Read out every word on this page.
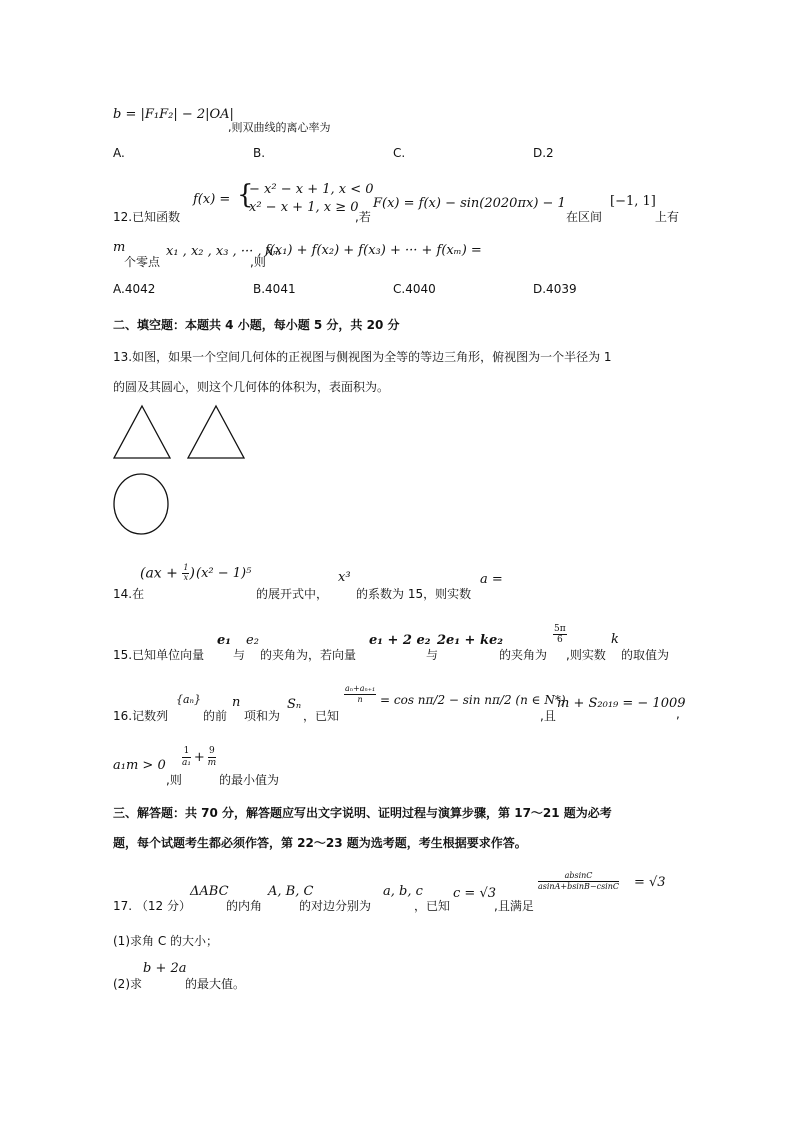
b = |F₁F₂| − 2|OA|
,则双曲线的离心率为
A.	B.	C.	D.2
12.已知函数
f(x) = {
− x² − x + 1, x < 0
x² − x + 1, x ≥ 0
,若
F(x) = f(x) − sin(2020πx) − 1
在区间
[−1, 1]
上有
m
个零点
x₁ , x₂ , x₃ , ··· , xₘ
,则
f(x₁) + f(x₂) + f(x₃) + ··· + f(xₘ) =
A.4042	B.4041	C.4040	D.4039
二、填空题：本题共 4 小题，每小题 5 分，共 20 分
13.如图，如果一个空间几何体的正视图与侧视图为全等的等边三角形，俯视图为一个半径为 1
的圆及其圆心，则这个几何体的体积为，表面积为。
14.在
($ax + \frac{1}{x}$ ) (x² − 1)⁵
的展开式中，
x³
的系数为 15，则实数
a =
15.已知单位向量
e₁
与
e₂
的夹角为，若向量
e₁ + 2 e₂
与
2e₁ + ke₂
的夹角为
5π
6
,则实数
k
的取值为
16.记数列
{aₙ}
的前
n
项和为
Sₙ
，已知
aₙ+aₙ₊₁
n	= cos nπ/2 − sin nπ/2 (n ∈ N*)
,且
m + S₂₀₁₉ = − 1009
,
a₁m > 0
,则
$\frac{1}{\text{a₁}} + \frac{9}{m}$
的最小值为
三、解答题：共 70 分，解答题应写出文字说明、证明过程与演算步骤，第 17～21 题为必考
题，每个试题考生都必须作答，第 22～23 题为选考题，考生根据要求作答。
17. （12 分）
ΔABC
的内角
A, B, C
的对边分别为
a, b, c
，已知
c = √3
,且满足
absinC
asinA+bsinB−csinC = √3
(1)求角 C 的大小；
(2)求
b + 2a
的最大值。
